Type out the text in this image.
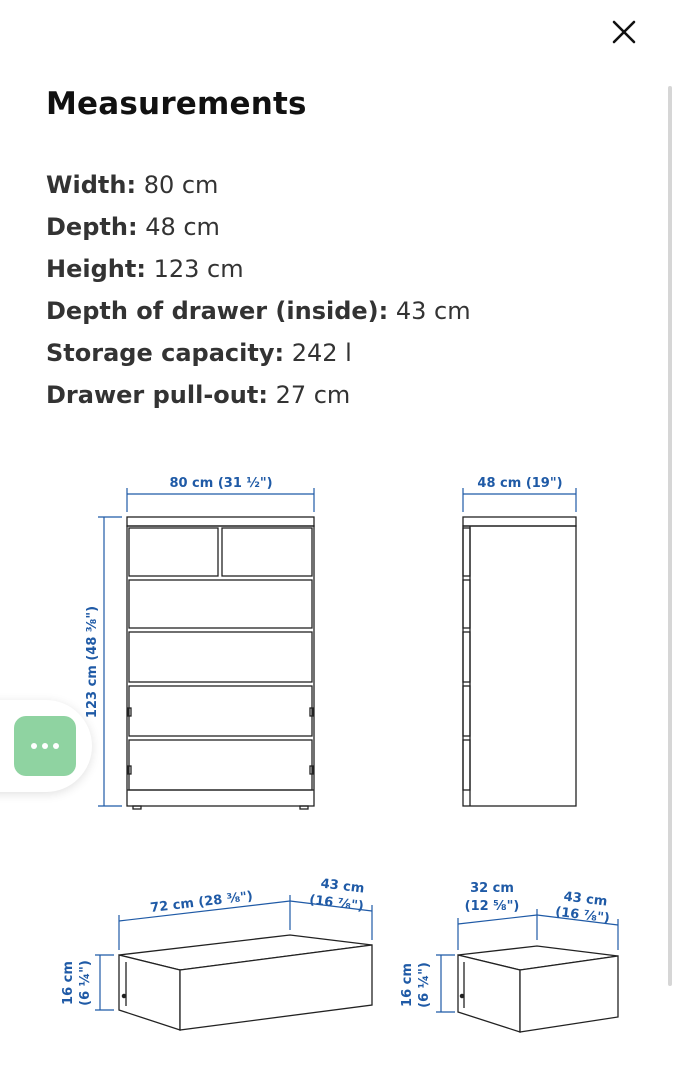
Measurements
Width: 80 cm
Depth: 48 cm
Height: 123 cm
Depth of drawer (inside): 43 cm
Storage capacity: 242 l
Drawer pull-out: 27 cm
80 cm (31 ½")
123 cm (48 ⅜")
48 cm (19")
72 cm (28 ⅜")
43 cm
(16 ⅞")
16 cm (6 ¼")
32 cm
(12 ⅝")	43 cm
(16 ⅞")
16 cm (6 ¼")
